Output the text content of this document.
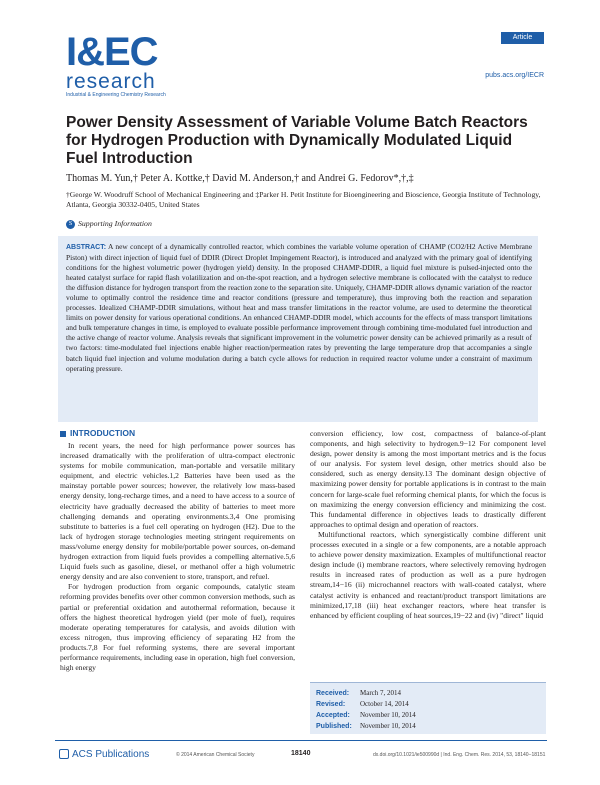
I&EC
research
Industrial & Engineering Chemistry Research
Article
pubs.acs.org/IECR
Power Density Assessment of Variable Volume Batch Reactors for Hydrogen Production with Dynamically Modulated Liquid Fuel Introduction
Thomas M. Yun,† Peter A. Kottke,† David M. Anderson,† and Andrei G. Fedorov*,†,‡
†George W. Woodruff School of Mechanical Engineering and ‡Parker H. Petit Institute for Bioengineering and Bioscience, Georgia Institute of Technology, Atlanta, Georgia 30332-0405, United States
S Supporting Information
ABSTRACT: A new concept of a dynamically controlled reactor, which combines the variable volume operation of CHAMP (CO2/H2 Active Membrane Piston) with direct injection of liquid fuel of DDIR (Direct Droplet Impingement Reactor), is introduced and analyzed with the primary goal of identifying conditions for the highest volumetric power (hydrogen yield) density. In the proposed CHAMP-DDIR, a liquid fuel mixture is pulsed-injected onto the heated catalyst surface for rapid flash volatilization and on-the-spot reaction, and a hydrogen selective membrane is collocated with the catalyst to reduce the diffusion distance for hydrogen transport from the reaction zone to the separation site. Uniquely, CHAMP-DDIR allows dynamic variation of the reactor volume to optimally control the residence time and reactor conditions (pressure and temperature), thus improving both the reaction and separation processes. Idealized CHAMP-DDIR simulations, without heat and mass transfer limitations in the reactor volume, are used to determine the theoretical limits on power density for various operational conditions. An enhanced CHAMP-DDIR model, which accounts for the effects of mass transport limitations and bulk temperature changes in time, is employed to evaluate possible performance improvement through combining time-modulated fuel introduction and the active change of reactor volume. Analysis reveals that significant improvement in the volumetric power density can be achieved primarily as a result of two factors: time-modulated fuel injections enable higher reaction/permeation rates by preventing the large temperature drop that accompanies a single batch liquid fuel injection and volume modulation during a batch cycle allows for reduction in required reactor volume under a constraint of maximum operating pressure.
INTRODUCTION

In recent years, the need for high performance power sources has increased dramatically with the proliferation of ultra-compact electronic systems for mobile communication, man-portable and versatile military equipment, and electric vehicles.1,2 Batteries have been used as the mainstay portable power sources; however, the relatively low mass-based energy density, long-recharge times, and a need to have access to a source of electricity have gradually decreased the ability of batteries to meet more challenging demands and operating environments.3,4 One promising substitute to batteries is a fuel cell operating on hydrogen (H2). Due to the lack of hydrogen storage technologies meeting stringent requirements on mass/volume energy density for mobile/portable power sources, on-demand hydrogen extraction from liquid fuels provides a compelling alternative.5,6 Liquid fuels such as gasoline, diesel, or methanol offer a high volumetric energy density and are also convenient to store, transport, and refuel.

For hydrogen production from organic compounds, catalytic steam reforming provides benefits over other common conversion methods, such as partial or preferential oxidation and autothermal reformation, because it offers the highest theoretical hydrogen yield (per mole of fuel), requires moderate operating temperatures for catalysis, and avoids dilution with excess nitrogen, thus improving efficiency of separating H2 from the products.7,8 For fuel reforming systems, there are several important performance requirements, including ease in operation, high fuel conversion, high energy

conversion efficiency, low cost, compactness of balance-of-plant components, and high selectivity to hydrogen.9−12 For component level design, power density is among the most important metrics and is the focus of our analysis. For system level design, other metrics should also be considered, such as energy density.13 The dominant design objective of maximizing power density for portable applications is in contrast to the main concern for large-scale fuel reforming chemical plants, for which the focus is on maximizing the energy conversion efficiency and minimizing the cost. This fundamental difference in objectives leads to drastically different approaches to optimal design and operation of reactors.

Multifunctional reactors, which synergistically combine different unit processes executed in a single or a few components, are a notable approach to achieve power density maximization. Examples of multifunctional reactor design include (i) membrane reactors, where selectively removing hydrogen results in increased rates of production as well as a pure hydrogen stream,14−16 (ii) microchannel reactors with wall-coated catalyst, where catalyst activity is enhanced and reactant/product transport limitations are minimized,17,18 (iii) heat exchanger reactors, where heat transfer is enhanced by efficient coupling of heat sources,19−22 and (iv) "direct" liquid

Received: March 7, 2014
Revised: October 14, 2014
Accepted: November 10, 2014
Published: November 10, 2014
ACS Publications	© 2014 American Chemical Society	18140	dx.doi.org/10.1021/ie500990d | Ind. Eng. Chem. Res. 2014, 53, 18140−18151
